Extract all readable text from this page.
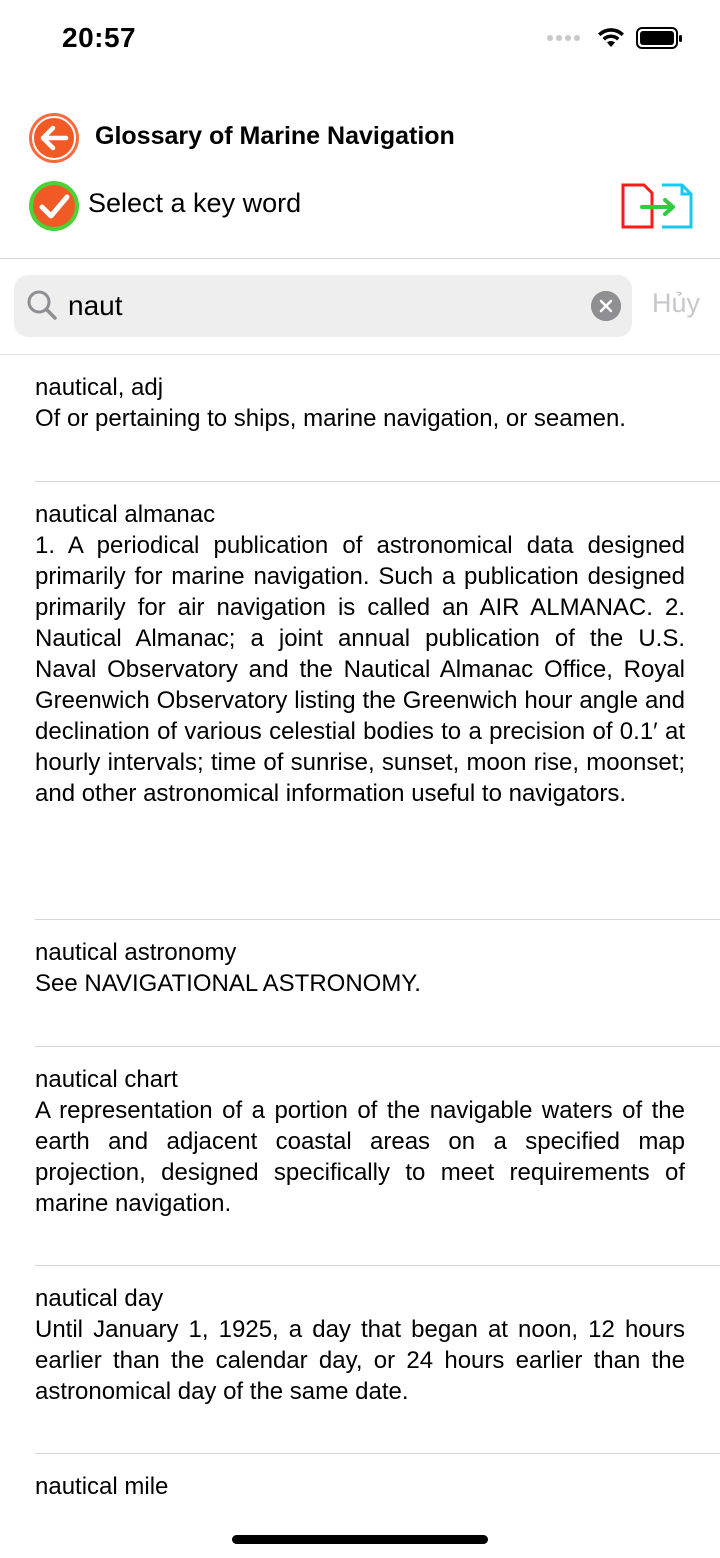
20:57
Glossary of Marine Navigation
Select a key word
naut
Hủy
nautical, adj
Of or pertaining to ships, marine navigation, or seamen.
nautical almanac
1. A periodical publication of astronomical data designed primarily for marine navigation. Such a publication designed primarily for air navigation is called an AIR ALMANAC. 2. Nautical Almanac; a joint annual publication of the U.S. Naval Observatory and the Nautical Almanac Office, Royal Greenwich Observatory listing the Greenwich hour angle and declination of various celestial bodies to a precision of 0.1′ at hourly intervals; time of sunrise, sunset, moon rise, moonset; and other astronomical information useful to navigators.
nautical astronomy
See NAVIGATIONAL ASTRONOMY.
nautical chart
A representation of a portion of the navigable waters of the earth and adjacent coastal areas on a specified map projection, designed specifically to meet requirements of marine navigation.
nautical day
Until January 1, 1925, a day that began at noon, 12 hours earlier than the calendar day, or 24 hours earlier than the astronomical day of the same date.
nautical mile
